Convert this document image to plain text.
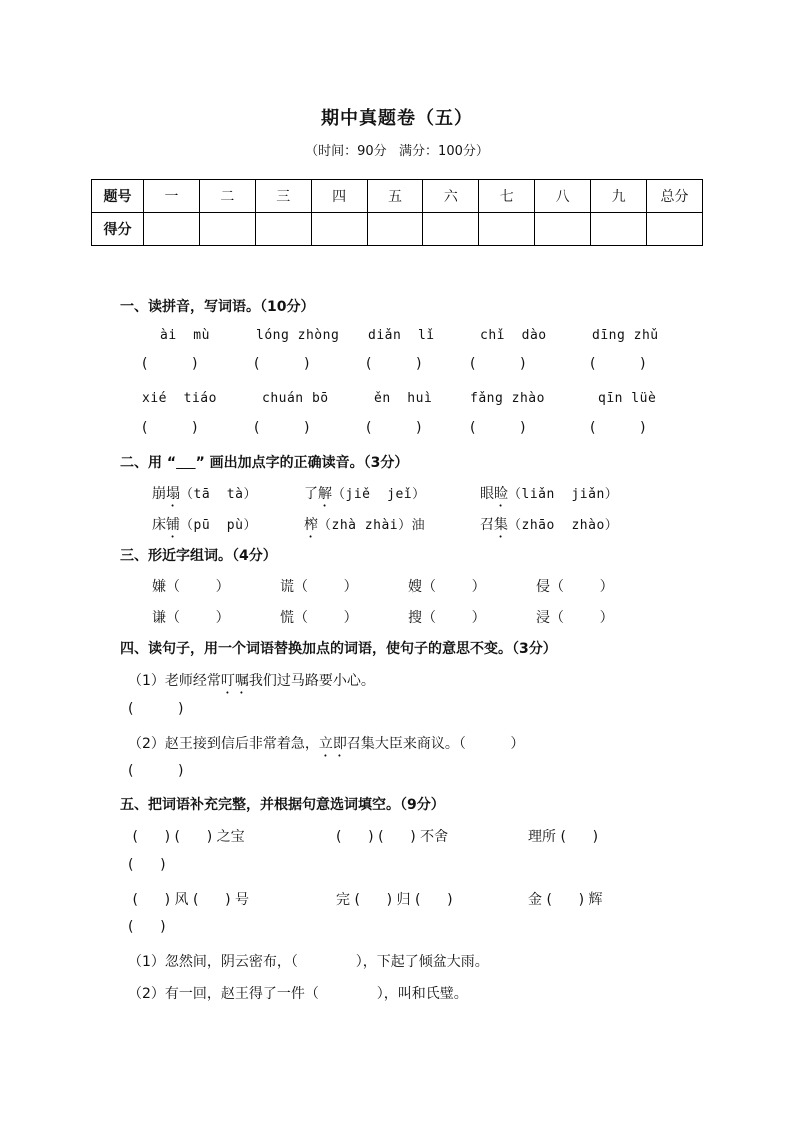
期中真题卷（五）
（时间：90分   满分：100分）
题号	一	二	三	四	五	六	七	八	九	总分
得分										
一、读拼音，写词语。（10分）
ài  mù	lóng zhòng diǎn  lǐ	chǐ  dào	dīng zhǔ
(          )	(          )	(          )	(          )	(          )
xié  tiáo	chuán bō	ěn  huì	fǎng zhào	qīn lüè
(          )	(          )	(          )	(          )	(          )
二、用 “ ” 画出加点字的正确读音。（3分）
崩塌（tā  tà）	了解（jiě  jeǐ）	眼睑（liǎn  jiǎn）
床铺（pū  pù）	榨（zhà zhài）油	召集（zhāo  zhào）
三、形近字组词。（4分）
嫌（        ）	谎（        ）	嫂（        ）	侵（        ）
谦（        ）	慌（        ）	搜（        ）	浸（        ）
四、读句子，用一个词语替换加点的词语，使句子的意思不变。（3分）
（1）老师经常叮嘱我们过马路要小心。
(          )
（2）赵王接到信后非常着急，立即召集大臣来商议。（          ）
(          )
五、把词语补充完整，并根据句意选词填空。（9分）
(      ) (      ) 之宝	(      ) (      ) 不舍	理所 (      )
(      )
(      ) 风 (      ) 号	完 (      ) 归 (      )	金 (      ) 辉
(      )
（1）忽然间，阴云密布，（             ），下起了倾盆大雨。
（2）有一回，赵王得了一件（             ），叫和氏璧。
